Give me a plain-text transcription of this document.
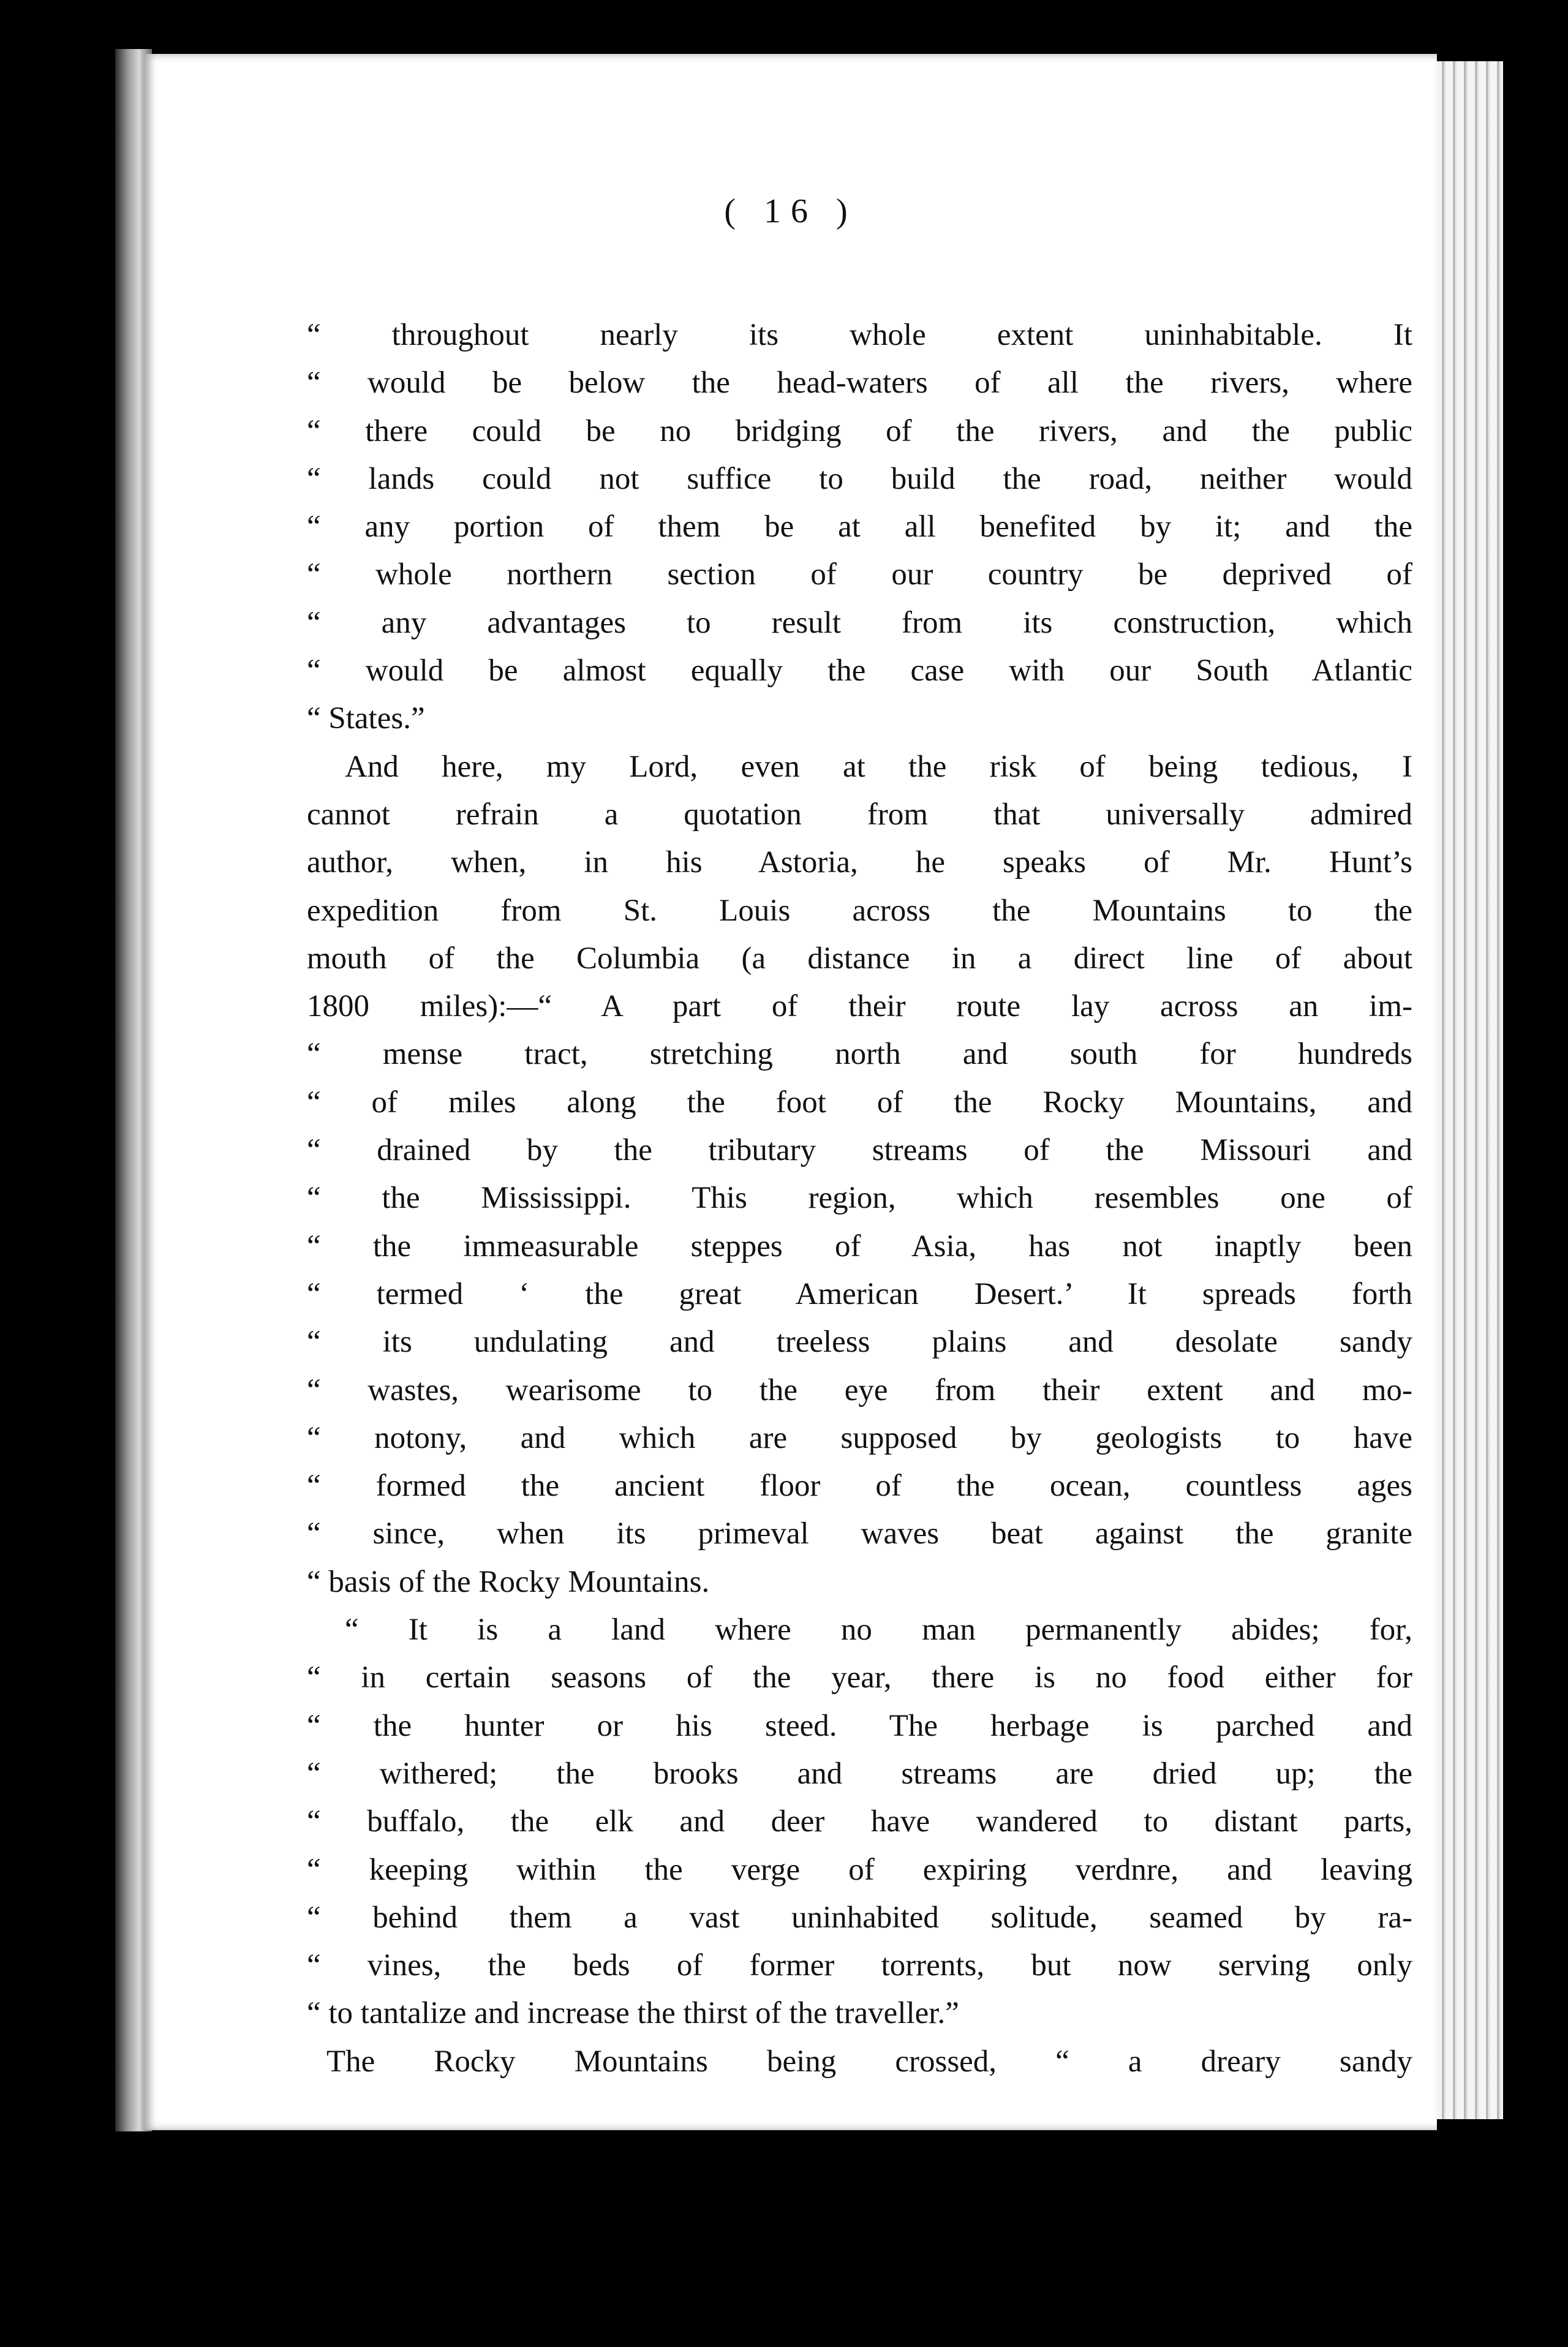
( 16 )
“ throughout nearly its whole extent uninhabitable. It
“ would be below the head-waters of all the rivers, where
“ there could be no bridging of the rivers, and the public
“ lands could not suffice to build the road, neither would
“ any portion of them be at all benefited by it; and the
“ whole northern section of our country be deprived of
“ any advantages to result from its construction, which
“ would be almost equally the case with our South Atlantic
“ States.”
And here, my Lord, even at the risk of being tedious, I
cannot refrain a quotation from that universally admired
author, when, in his Astoria, he speaks of Mr. Hunt’s
expedition from St. Louis across the Mountains to the
mouth of the Columbia (a distance in a direct line of about
1800 miles):—“ A part of their route lay across an im-
“ mense tract, stretching north and south for hundreds
“ of miles along the foot of the Rocky Mountains, and
“ drained by the tributary streams of the Missouri and
“ the Mississippi. This region, which resembles one of
“ the immeasurable steppes of Asia, has not inaptly been
“ termed ‘ the great American Desert.’ It spreads forth
“ its undulating and treeless plains and desolate sandy
“ wastes, wearisome to the eye from their extent and mo-
“ notony, and which are supposed by geologists to have
“ formed the ancient floor of the ocean, countless ages
“ since, when its primeval waves beat against the granite
“ basis of the Rocky Mountains.
“ It is a land where no man permanently abides; for,
“ in certain seasons of the year, there is no food either for
“ the hunter or his steed. The herbage is parched and
“ withered; the brooks and streams are dried up; the
“ buffalo, the elk and deer have wandered to distant parts,
“ keeping within the verge of expiring verdnre, and leaving
“ behind them a vast uninhabited solitude, seamed by ra-
“ vines, the beds of former torrents, but now serving only
“ to tantalize and increase the thirst of the traveller.”
The Rocky Mountains being crossed, “ a dreary sandy
